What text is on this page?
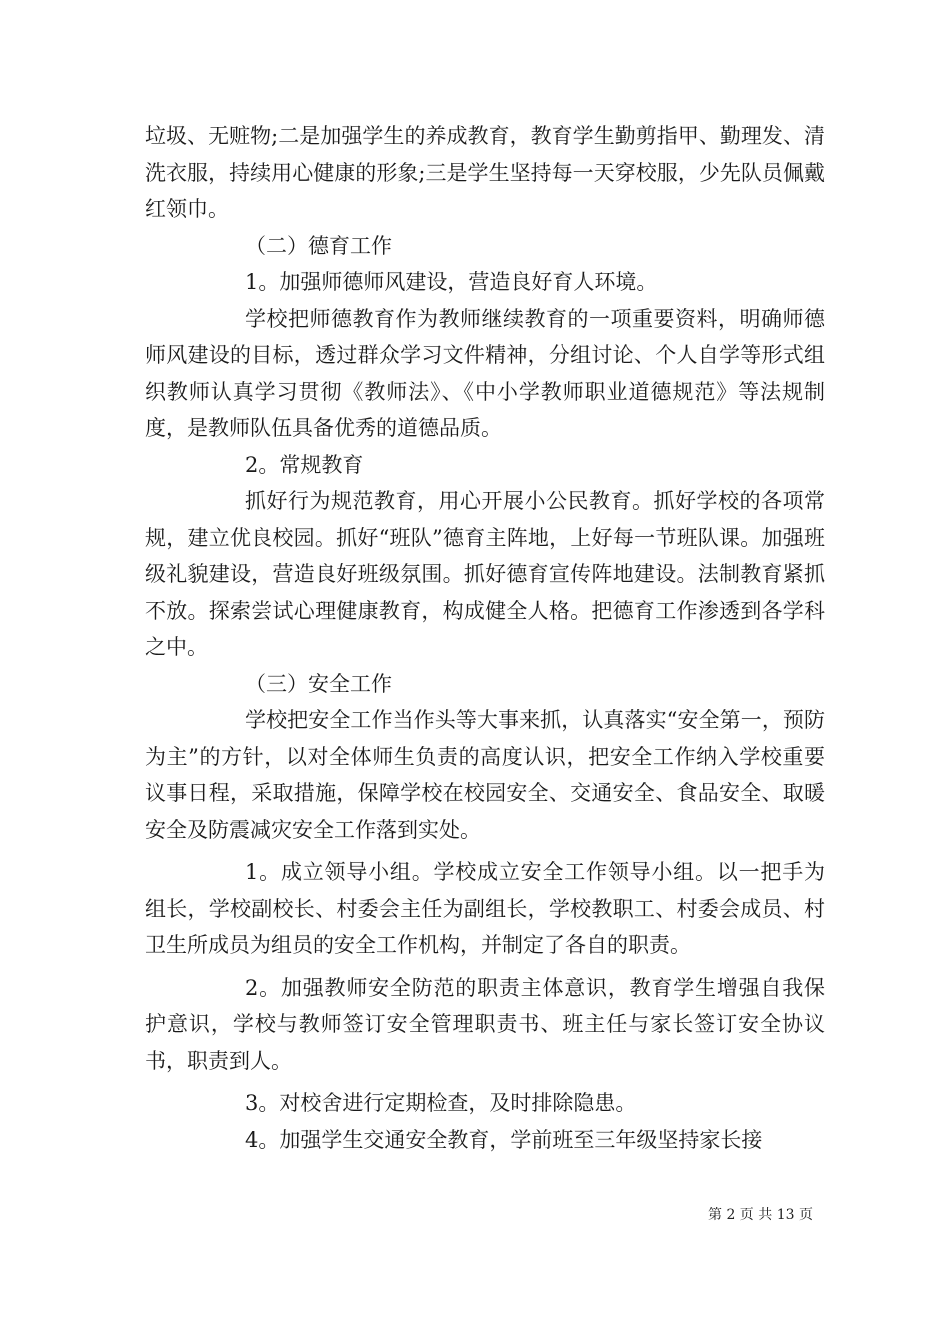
垃圾、无赃物;二是加强学生的养成教育，教育学生勤剪指甲、勤理发、清洗衣服，持续用心健康的形象;三是学生坚持每一天穿校服，少先队员佩戴红领巾。

（二）德育工作

1。加强师德师风建设，营造良好育人环境。

学校把师德教育作为教师继续教育的一项重要资料，明确师德师风建设的目标，透过群众学习文件精神，分组讨论、个人自学等形式组织教师认真学习贯彻《教师法》、《中小学教师职业道德规范》等法规制度，是教师队伍具备优秀的道德品质。

2。常规教育

抓好行为规范教育，用心开展小公民教育。抓好学校的各项常规，建立优良校园。抓好“班队”德育主阵地，上好每一节班队课。加强班级礼貌建设，营造良好班级氛围。抓好德育宣传阵地建设。法制教育紧抓不放。探索尝试心理健康教育，构成健全人格。把德育工作渗透到各学科之中。

（三）安全工作

学校把安全工作当作头等大事来抓，认真落实“安全第一，预防为主”的方针，以对全体师生负责的高度认识，把安全工作纳入学校重要议事日程，采取措施，保障学校在校园安全、交通安全、食品安全、取暖安全及防震减灾安全工作落到实处。

1。成立领导小组。学校成立安全工作领导小组。以一把手为组长，学校副校长、村委会主任为副组长，学校教职工、村委会成员、村卫生所成员为组员的安全工作机构，并制定了各自的职责。

2。加强教师安全防范的职责主体意识，教育学生增强自我保护意识，学校与教师签订安全管理职责书、班主任与家长签订安全协议书，职责到人。

3。对校舍进行定期检查，及时排除隐患。

4。加强学生交通安全教育，学前班至三年级坚持家长接

第 2 页 共 13 页
